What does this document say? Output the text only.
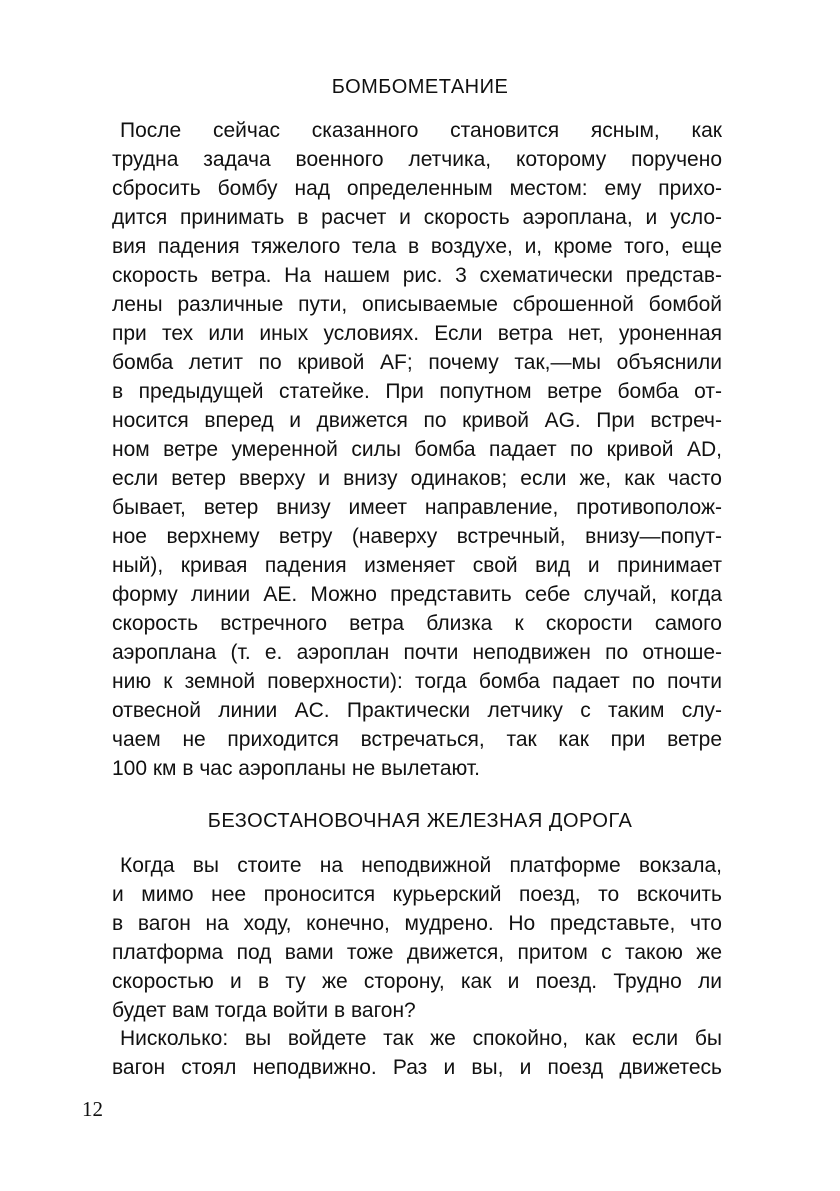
БОМБОМЕТАНИЕ
После сейчас сказанного становится ясным, как
трудна задача военного летчика, которому поручено
сбросить бомбу над определенным местом: ему прихо-
дится принимать в расчет и скорость аэроплана, и усло-
вия падения тяжелого тела в воздухе, и, кроме того, еще
скорость ветра. На нашем рис. 3 схематически представ-
лены различные пути, описываемые сброшенной бомбой
при тех или иных условиях. Если ветра нет, уроненная
бомба летит по кривой AF; почему так,—мы объяснили
в предыдущей статейке. При попутном ветре бомба от-
носится вперед и движется по кривой AG. При встреч-
ном ветре умеренной силы бомба падает по кривой AD,
если ветер вверху и внизу одинаков; если же, как часто
бывает, ветер внизу имеет направление, противополож-
ное верхнему ветру (наверху встречный, внизу—попут-
ный), кривая падения изменяет свой вид и принимает
форму линии AE. Можно представить себе случай, когда
скорость встречного ветра близка к скорости самого
аэроплана (т. е. аэроплан почти неподвижен по отноше-
нию к земной поверхности): тогда бомба падает по почти
отвесной линии AC. Практически летчику с таким слу-
чаем не приходится встречаться, так как при ветре
100 км в час аэропланы не вылетают.
БЕЗОСТАНОВОЧНАЯ ЖЕЛЕЗНАЯ ДОРОГА
Когда вы стоите на неподвижной платформе вокзала,
и мимо нее проносится курьерский поезд, то вскочить
в вагон на ходу, конечно, мудрено. Но представьте, что
платформа под вами тоже движется, притом с такою же
скоростью и в ту же сторону, как и поезд. Трудно ли
будет вам тогда войти в вагон?
Нисколько: вы войдете так же спокойно, как если бы
вагон стоял неподвижно. Раз и вы, и поезд движетесь

12
